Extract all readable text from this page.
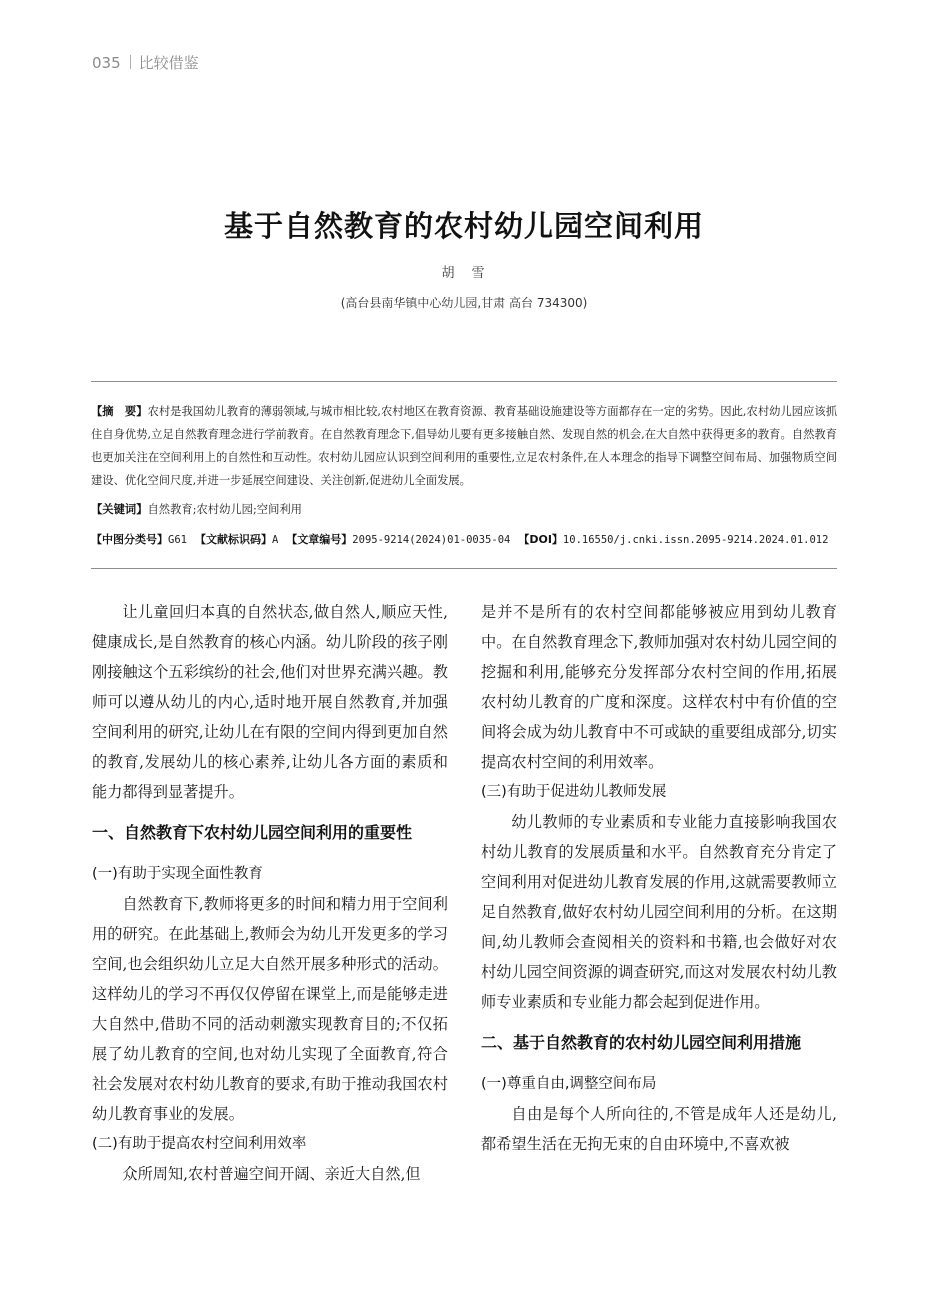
035 比较借鉴
基于自然教育的农村幼儿园空间利用
胡　雪
(高台县南华镇中心幼儿园,甘肃 高台 734300)
【摘　要】农村是我国幼儿教育的薄弱领域,与城市相比较,农村地区在教育资源、教育基础设施建设等方面都存在一定的劣势。因此,农村幼儿园应该抓住自身优势,立足自然教育理念进行学前教育。在自然教育理念下,倡导幼儿要有更多接触自然、发现自然的机会,在大自然中获得更多的教育。自然教育也更加关注在空间利用上的自然性和互动性。农村幼儿园应认识到空间利用的重要性,立足农村条件,在人本理念的指导下调整空间布局、加强物质空间建设、优化空间尺度,并进一步延展空间建设、关注创新,促进幼儿全面发展。
【关键词】自然教育;农村幼儿园;空间利用
【中图分类号】G61 【文献标识码】A 【文章编号】2095-9214(2024)01-0035-04 【DOI】10.16550/j.cnki.issn.2095-9214.2024.01.012

让儿童回归本真的自然状态,做自然人,顺应天性,健康成长,是自然教育的核心内涵。幼儿阶段的孩子刚刚接触这个五彩缤纷的社会,他们对世界充满兴趣。教师可以遵从幼儿的内心,适时地开展自然教育,并加强空间利用的研究,让幼儿在有限的空间内得到更加自然的教育,发展幼儿的核心素养,让幼儿各方面的素质和能力都得到显著提升。

一、自然教育下农村幼儿园空间利用的重要性
(一)有助于实现全面性教育

自然教育下,教师将更多的时间和精力用于空间利用的研究。在此基础上,教师会为幼儿开发更多的学习空间,也会组织幼儿立足大自然开展多种形式的活动。这样幼儿的学习不再仅仅停留在课堂上,而是能够走进大自然中,借助不同的活动刺激实现教育目的;不仅拓展了幼儿教育的空间,也对幼儿实现了全面教育,符合社会发展对农村幼儿教育的要求,有助于推动我国农村幼儿教育事业的发展。

(二)有助于提高农村空间利用效率

众所周知,农村普遍空间开阔、亲近大自然,但

是并不是所有的农村空间都能够被应用到幼儿教育中。在自然教育理念下,教师加强对农村幼儿园空间的挖掘和利用,能够充分发挥部分农村空间的作用,拓展农村幼儿教育的广度和深度。这样农村中有价值的空间将会成为幼儿教育中不可或缺的重要组成部分,切实提高农村空间的利用效率。

(三)有助于促进幼儿教师发展

幼儿教师的专业素质和专业能力直接影响我国农村幼儿教育的发展质量和水平。自然教育充分肯定了空间利用对促进幼儿教育发展的作用,这就需要教师立足自然教育,做好农村幼儿园空间利用的分析。在这期间,幼儿教师会查阅相关的资料和书籍,也会做好对农村幼儿园空间资源的调查研究,而这对发展农村幼儿教师专业素质和专业能力都会起到促进作用。

二、基于自然教育的农村幼儿园空间利用措施
(一)尊重自由,调整空间布局

自由是每个人所向往的,不管是成年人还是幼儿,都希望生活在无拘无束的自由环境中,不喜欢被
